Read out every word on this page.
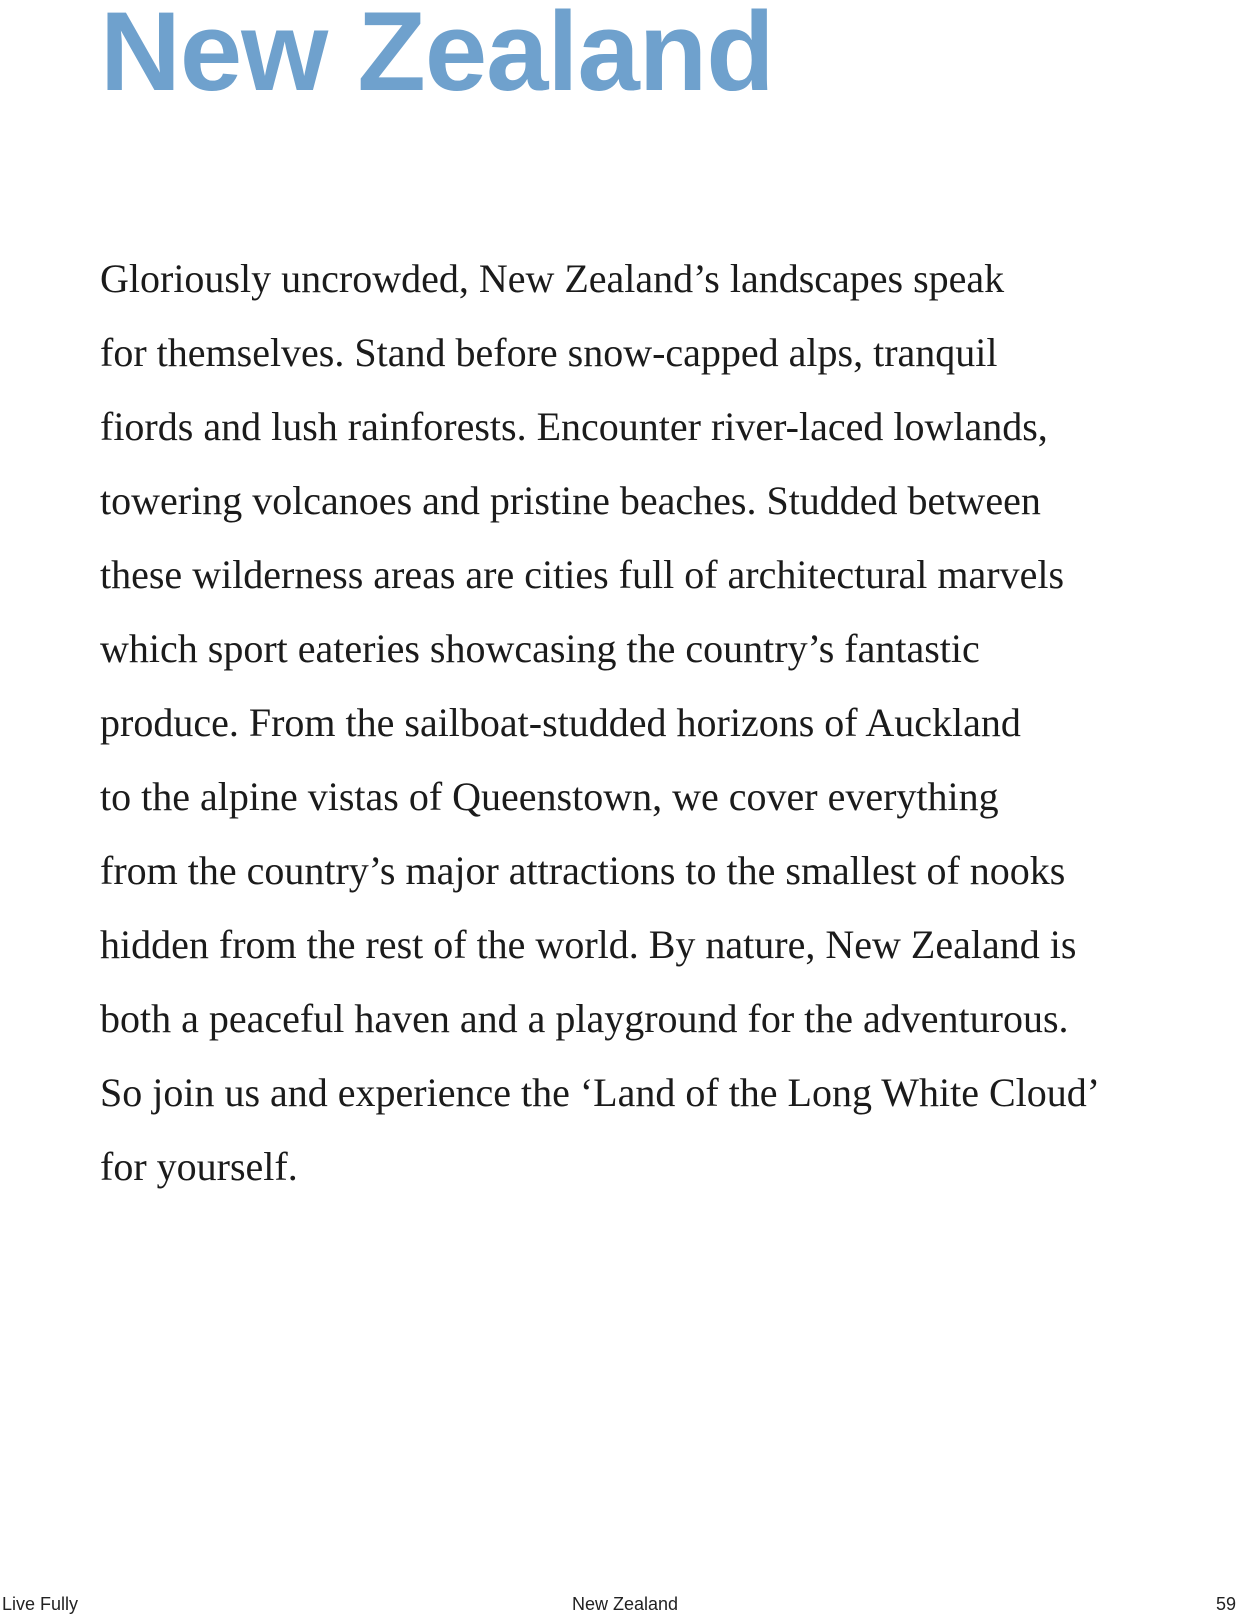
New Zealand
Gloriously uncrowded, New Zealand’s landscapes speak
for themselves. Stand before snow-capped alps, tranquil
fiords and lush rainforests. Encounter river-laced lowlands,
towering volcanoes and pristine beaches. Studded between
these wilderness areas are cities full of architectural marvels
which sport eateries showcasing the country’s fantastic
produce. From the sailboat-studded horizons of Auckland
to the alpine vistas of Queenstown, we cover everything
from the country’s major attractions to the smallest of nooks
hidden from the rest of the world. By nature, New Zealand is
both a peaceful haven and a playground for the adventurous.
So join us and experience the ‘Land of the Long White Cloud’
for yourself.
Live Fully	New Zealand	59
